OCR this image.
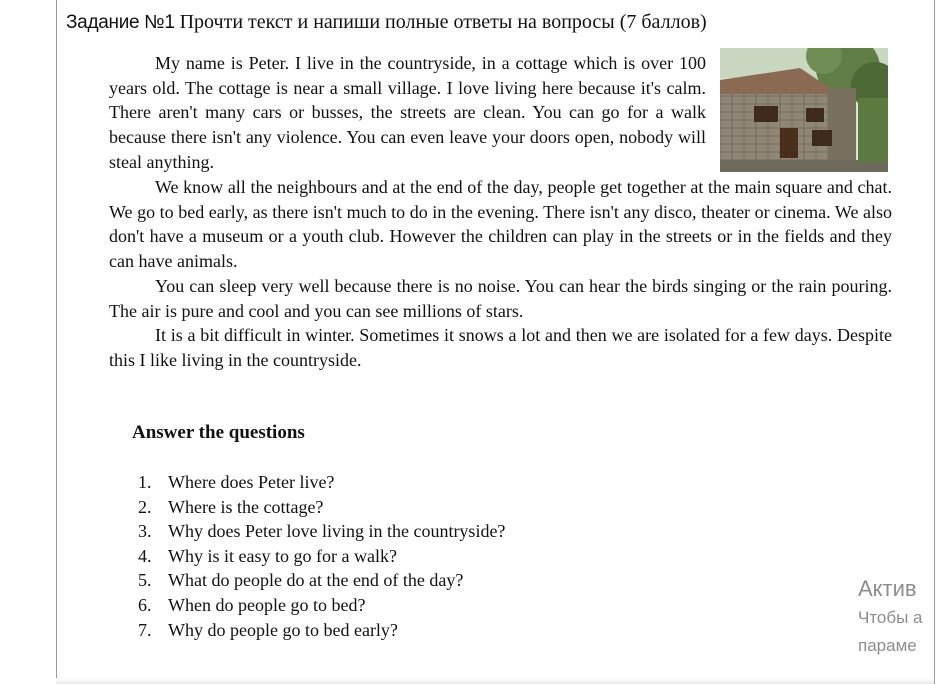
Задание №1 Прочти текст и напиши полные ответы на вопросы (7 баллов)
My name is Peter. I live in the countryside, in a cottage which is over 100 years old. The cottage is near a small village. I love living here because it's calm. There aren't many cars or busses, the streets are clean. You can go for a walk because there isn't any violence. You can even leave your doors open, nobody will steal anything.
We know all the neighbours and at the end of the day, people get together at the main square and chat. We go to bed early, as there isn't much to do in the evening. There isn't any disco, theater or cinema. We also don't have a museum or a youth club. However the children can play in the streets or in the fields and they can have animals.
You can sleep very well because there is no noise. You can hear the birds singing or the rain pouring. The air is pure and cool and you can see millions of stars.
It is a bit difficult in winter. Sometimes it snows a lot and then we are isolated for a few days. Despite this I like living in the countryside.
Answer the questions
1. Where does Peter live?
2. Where is the cottage?
3. Why does Peter love living in the countryside?
4. Why is it easy to go for a walk?
5. What do people do at the end of the day?
6. When do people go to bed?
7. Why do people go to bed early?
Актив
Чтобы а
параме
